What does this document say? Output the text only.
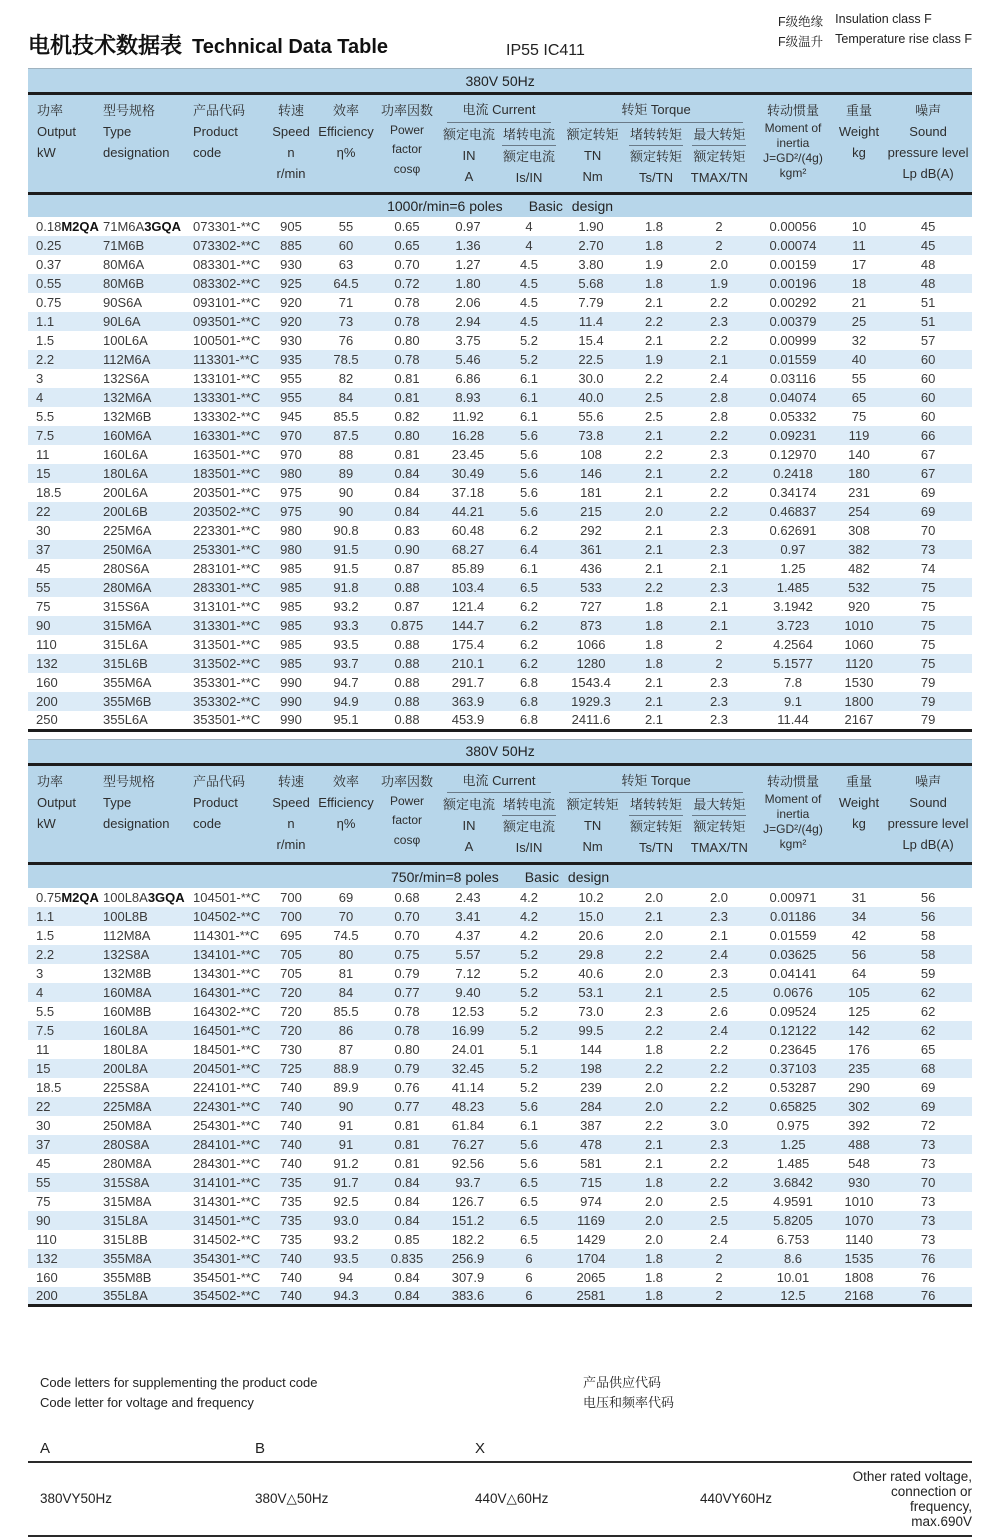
电机技术数据表 Technical Data Table	IP55 IC411
F级绝缘 Insulation class F
F级温升 Temperature rise class F
380V 50Hz													

功率
Output
kW

型号规格
Type
designation

产品代码
Product
code

转速
Speed
n
r/min

效率
Efficiency
η%

功率因数
Power
factor
cosφ

电流 Current
额定电流
IN
A
堵转电流
额定电流
Is/IN

转矩 Torque
额定转矩
TN
Nm
堵转转矩
额定转矩
Ts/TN
最大转矩
额定转矩
TMAX/TN

转动惯量
Moment of
inertia
J=GD²/(4g)
kgm²

重量
Weight
kg

噪声
Sound
pressure level
Lp dB(A)

1000r/min=6 poles Basic design													
0.18M2QA	71M6A3GQA	073301-**C	905	55	0.65	0.97	4	1.90	1.8	2	0.00056	10	45
0.25	71M6B	073302-**C	885	60	0.65	1.36	4	2.70	1.8	2	0.00074	11	45
0.37	80M6A	083301-**C	930	63	0.70	1.27	4.5	3.80	1.9	2.0	0.00159	17	48
0.55	80M6B	083302-**C	925	64.5	0.72	1.80	4.5	5.68	1.8	1.9	0.00196	18	48
0.75	90S6A	093101-**C	920	71	0.78	2.06	4.5	7.79	2.1	2.2	0.00292	21	51
1.1	90L6A	093501-**C	920	73	0.78	2.94	4.5	11.4	2.2	2.3	0.00379	25	51
1.5	100L6A	100501-**C	930	76	0.80	3.75	5.2	15.4	2.1	2.2	0.00999	32	57
2.2	112M6A	113301-**C	935	78.5	0.78	5.46	5.2	22.5	1.9	2.1	0.01559	40	60
3	132S6A	133101-**C	955	82	0.81	6.86	6.1	30.0	2.2	2.4	0.03116	55	60
4	132M6A	133301-**C	955	84	0.81	8.93	6.1	40.0	2.5	2.8	0.04074	65	60
5.5	132M6B	133302-**C	945	85.5	0.82	11.92	6.1	55.6	2.5	2.8	0.05332	75	60
7.5	160M6A	163301-**C	970	87.5	0.80	16.28	5.6	73.8	2.1	2.2	0.09231	119	66
11	160L6A	163501-**C	970	88	0.81	23.45	5.6	108	2.2	2.3	0.12970	140	67
15	180L6A	183501-**C	980	89	0.84	30.49	5.6	146	2.1	2.2	0.2418	180	67
18.5	200L6A	203501-**C	975	90	0.84	37.18	5.6	181	2.1	2.2	0.34174	231	69
22	200L6B	203502-**C	975	90	0.84	44.21	5.6	215	2.0	2.2	0.46837	254	69
30	225M6A	223301-**C	980	90.8	0.83	60.48	6.2	292	2.1	2.3	0.62691	308	70
37	250M6A	253301-**C	980	91.5	0.90	68.27	6.4	361	2.1	2.3	0.97	382	73
45	280S6A	283101-**C	985	91.5	0.87	85.89	6.1	436	2.1	2.1	1.25	482	74
55	280M6A	283301-**C	985	91.8	0.88	103.4	6.5	533	2.2	2.3	1.485	532	75
75	315S6A	313101-**C	985	93.2	0.87	121.4	6.2	727	1.8	2.1	3.1942	920	75
90	315M6A	313301-**C	985	93.3	0.875	144.7	6.2	873	1.8	2.1	3.723	1010	75
110	315L6A	313501-**C	985	93.5	0.88	175.4	6.2	1066	1.8	2	4.2564	1060	75
132	315L6B	313502-**C	985	93.7	0.88	210.1	6.2	1280	1.8	2	5.1577	1120	75
160	355M6A	353301-**C	990	94.7	0.88	291.7	6.8	1543.4	2.1	2.3	7.8	1530	79
200	355M6B	353302-**C	990	94.9	0.88	363.9	6.8	1929.3	2.1	2.3	9.1	1800	79
250	355L6A	353501-**C	990	95.1	0.88	453.9	6.8	2411.6	2.1	2.3	11.44	2167	79
380V 50Hz													

功率
Output
kW

型号规格
Type
designation

产品代码
Product
code

转速
Speed
n
r/min

效率
Efficiency
η%

功率因数
Power
factor
cosφ

电流 Current
额定电流
IN
A
堵转电流
额定电流
Is/IN

转矩 Torque
额定转矩
TN
Nm
堵转转矩
额定转矩
Ts/TN
最大转矩
额定转矩
TMAX/TN

转动惯量
Moment of
inertia
J=GD²/(4g)
kgm²

重量
Weight
kg

噪声
Sound
pressure level
Lp dB(A)

750r/min=8 poles Basic design													
0.75M2QA	100L8A3GQA	104501-**C	700	69	0.68	2.43	4.2	10.2	2.0	2.0	0.00971	31	56
1.1	100L8B	104502-**C	700	70	0.70	3.41	4.2	15.0	2.1	2.3	0.01186	34	56
1.5	112M8A	114301-**C	695	74.5	0.70	4.37	4.2	20.6	2.0	2.1	0.01559	42	58
2.2	132S8A	134101-**C	705	80	0.75	5.57	5.2	29.8	2.2	2.4	0.03625	56	58
3	132M8B	134301-**C	705	81	0.79	7.12	5.2	40.6	2.0	2.3	0.04141	64	59
4	160M8A	164301-**C	720	84	0.77	9.40	5.2	53.1	2.1	2.5	0.0676	105	62
5.5	160M8B	164302-**C	720	85.5	0.78	12.53	5.2	73.0	2.3	2.6	0.09524	125	62
7.5	160L8A	164501-**C	720	86	0.78	16.99	5.2	99.5	2.2	2.4	0.12122	142	62
11	180L8A	184501-**C	730	87	0.80	24.01	5.1	144	1.8	2.2	0.23645	176	65
15	200L8A	204501-**C	725	88.9	0.79	32.45	5.2	198	2.2	2.2	0.37103	235	68
18.5	225S8A	224101-**C	740	89.9	0.76	41.14	5.2	239	2.0	2.2	0.53287	290	69
22	225M8A	224301-**C	740	90	0.77	48.23	5.6	284	2.0	2.2	0.65825	302	69
30	250M8A	254301-**C	740	91	0.81	61.84	6.1	387	2.2	3.0	0.975	392	72
37	280S8A	284101-**C	740	91	0.81	76.27	5.6	478	2.1	2.3	1.25	488	73
45	280M8A	284301-**C	740	91.2	0.81	92.56	5.6	581	2.1	2.2	1.485	548	73
55	315S8A	314101-**C	735	91.7	0.84	93.7	6.5	715	1.8	2.2	3.6842	930	70
75	315M8A	314301-**C	735	92.5	0.84	126.7	6.5	974	2.0	2.5	4.9591	1010	73
90	315L8A	314501-**C	735	93.0	0.84	151.2	6.5	1169	2.0	2.5	5.8205	1070	73
110	315L8B	314502-**C	735	93.2	0.85	182.2	6.5	1429	2.0	2.4	6.753	1140	73
132	355M8A	354301-**C	740	93.5	0.835	256.9	6	1704	1.8	2	8.6	1535	76
160	355M8B	354501-**C	740	94	0.84	307.9	6	2065	1.8	2	10.01	1808	76
200	355L8A	354502-**C	740	94.3	0.84	383.6	6	2581	1.8	2	12.5	2168	76
Code letters for supplementing the product code
Code letter for voltage and frequency
产品供应代码
电压和频率代码
A	B	X
380VY50Hz	380V△50Hz	440V△60Hz	440VY60Hz
Other rated voltage, connection or frequency, max.690V
